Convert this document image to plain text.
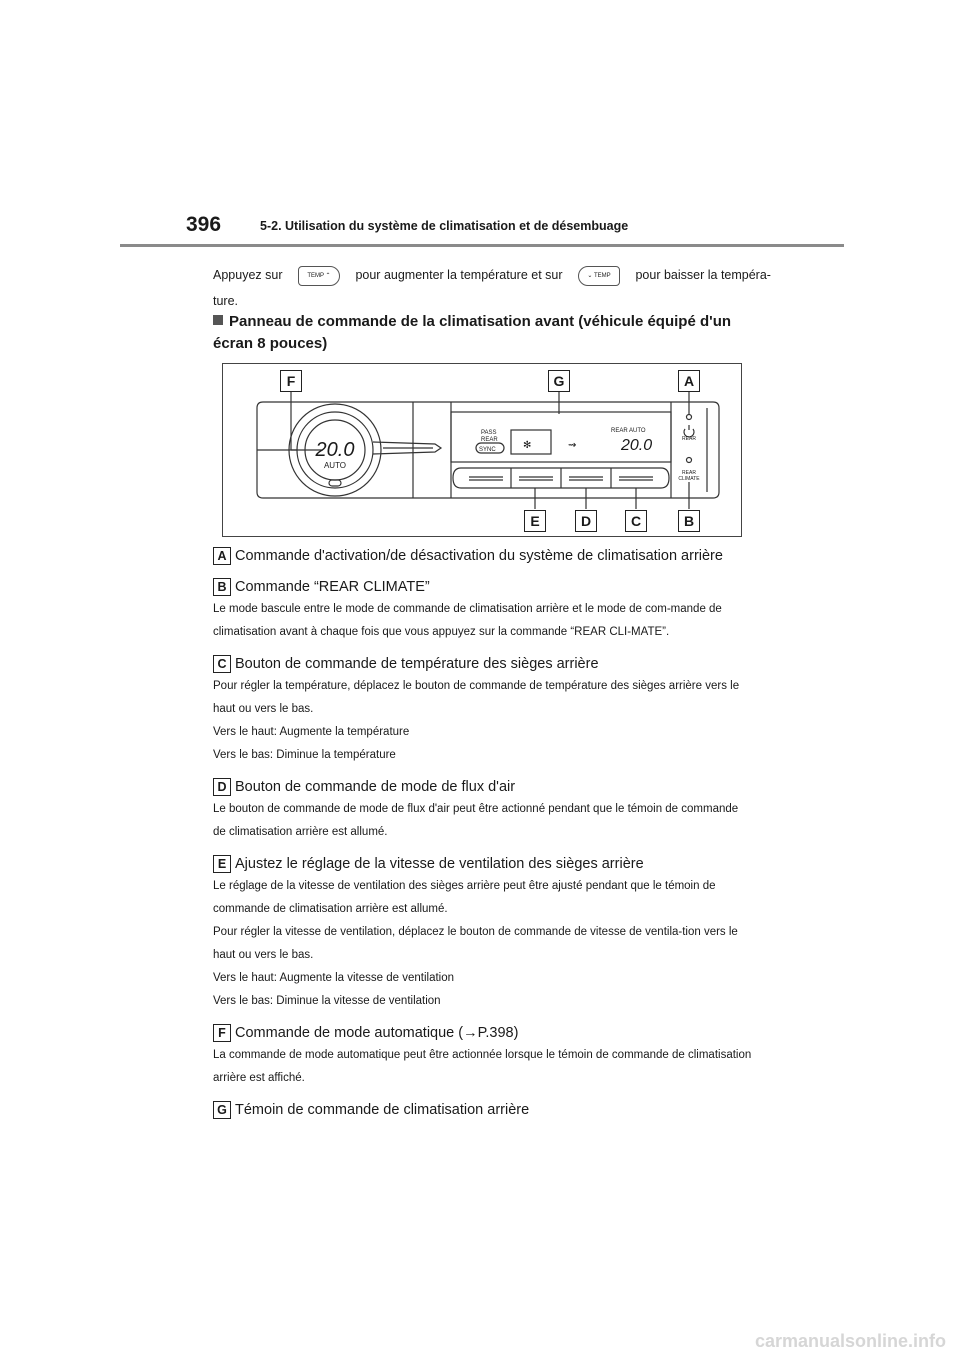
396	5-2. Utilisation du système de climatisation et de désembuage
Appuyez sur	TEMP ⌃ pour augmenter la température et sur	⌄ TEMP pour baisser la tempéra-ture.
Panneau de commande de la climatisation avant (véhicule équipé d'un écran 8 pouces)
20.0
AUTO
PASS
REAR
SYNC
REAR AUTO
20.0	REAR
REAR
CLIMATE
✻	⇝
F	G	A
E	D	C	B
A Commande d'activation/de désactivation du système de climatisation arrière
B Commande “REAR CLIMATE”

Le mode bascule entre le mode de commande de climatisation arrière et le mode de com-mande de climatisation avant à chaque fois que vous appuyez sur la commande “REAR CLI-MATE”.

C Bouton de commande de température des sièges arrière

Pour régler la température, déplacez le bouton de commande de température des sièges arrière vers le haut ou vers le bas.

Vers le haut: Augmente la température

Vers le bas: Diminue la température

D Bouton de commande de mode de flux d'air

Le bouton de commande de mode de flux d'air peut être actionné pendant que le témoin de commande de climatisation arrière est allumé.

E Ajustez le réglage de la vitesse de ventilation des sièges arrière

Le réglage de la vitesse de ventilation des sièges arrière peut être ajusté pendant que le témoin de commande de climatisation arrière est allumé.

Pour régler la vitesse de ventilation, déplacez le bouton de commande de vitesse de ventila-tion vers le haut ou vers le bas.

Vers le haut: Augmente la vitesse de ventilation

Vers le bas: Diminue la vitesse de ventilation

F Commande de mode automatique (→P.398)

La commande de mode automatique peut être actionnée lorsque le témoin de commande de climatisation arrière est affiché.

G Témoin de commande de climatisation arrière
carmanualsonline.info
